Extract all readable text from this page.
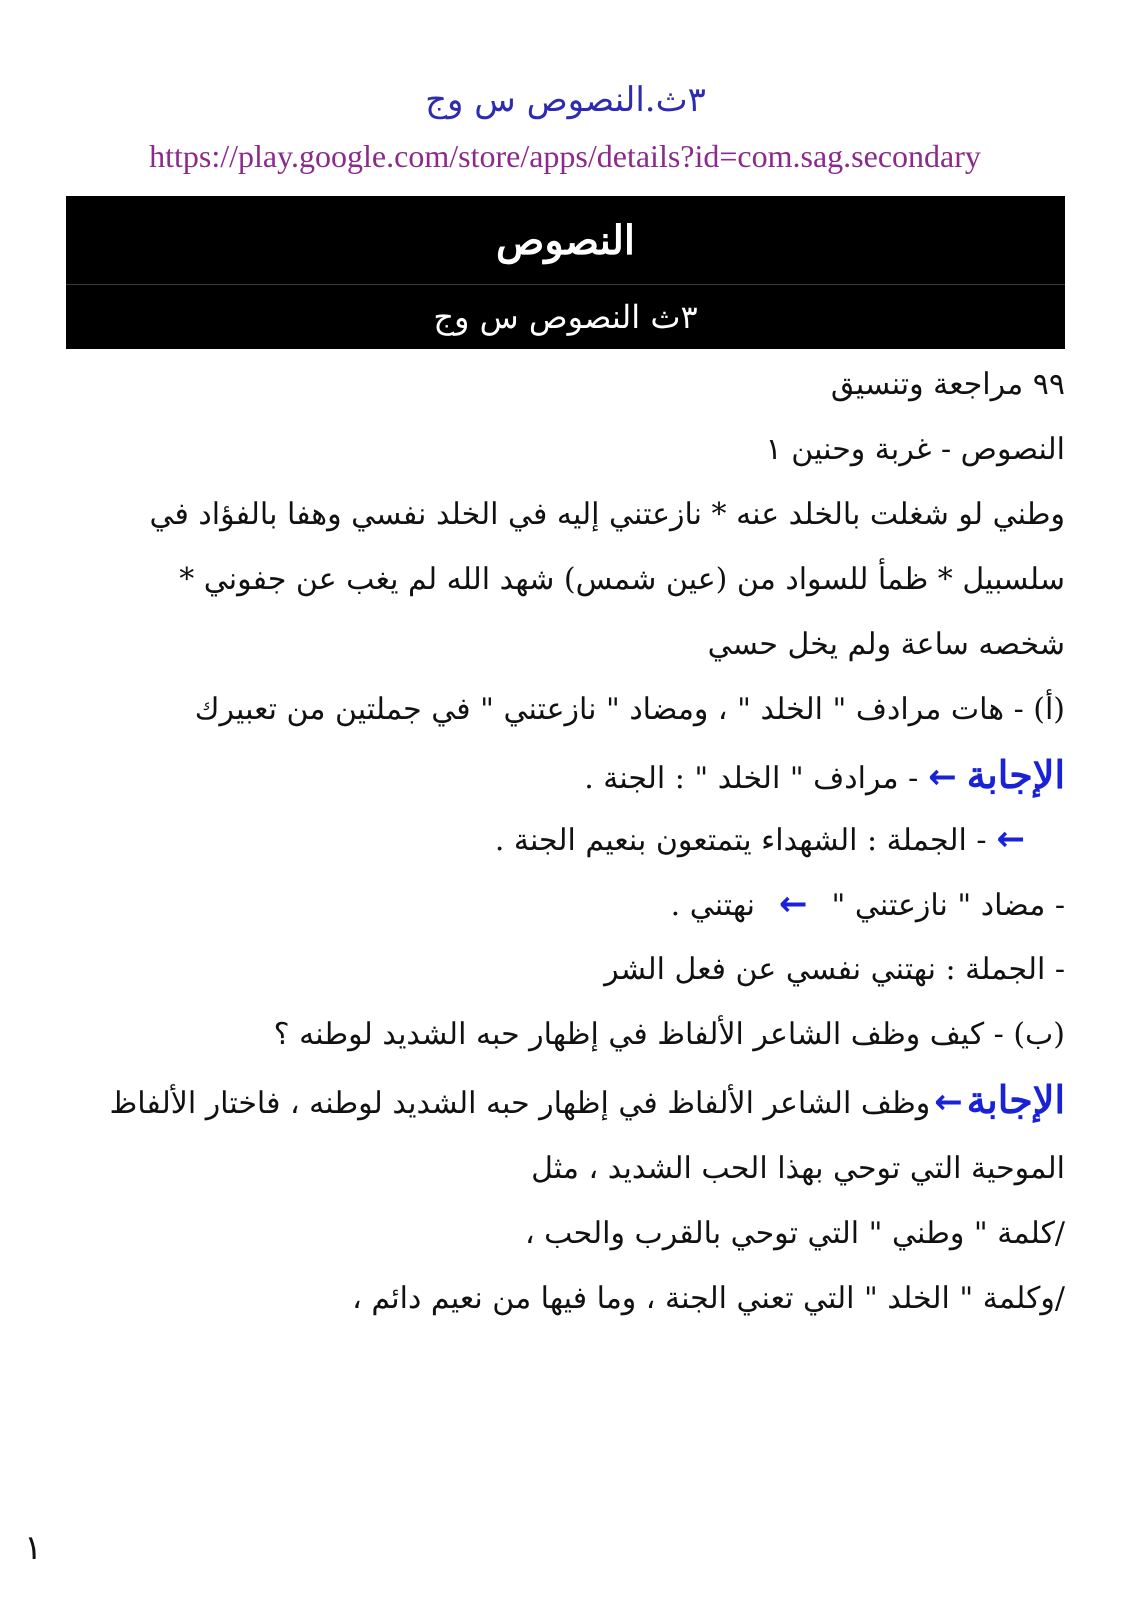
٣ث.النصوص س وج
https://play.google.com/store/apps/details?id=com.sag.secondary
النصوص
٣ث النصوص س وج
٩٩ مراجعة وتنسيق
النصوص - غربة وحنين ١
وطني لو شغلت بالخلد عنه * نازعتني إليه في الخلد نفسي وهفا بالفؤاد في سلسبيل * ظمأ للسواد من (عين شمس) شهد الله لم يغب عن جفوني * شخصه ساعة ولم يخل حسي
(أ) - هات مرادف " الخلد " ، ومضاد " نازعتني " في جملتين من تعبيرك
الإجابة←- مرادف " الخلد " : الجنة .
←- الجملة : الشهداء يتمتعون بنعيم الجنة .
- مضاد " نازعتني "←نهتني .
- الجملة : نهتني نفسي عن فعل الشر
(ب) - كيف وظف الشاعر الألفاظ في إظهار حبه الشديد لوطنه ؟
الإجابة←وظف الشاعر الألفاظ في إظهار حبه الشديد لوطنه ، فاختار الألفاظ الموحية التي توحي بهذا الحب الشديد ، مثل
/كلمة " وطني " التي توحي بالقرب والحب ،
/وكلمة " الخلد " التي تعني الجنة ، وما فيها من نعيم دائم ،
١
